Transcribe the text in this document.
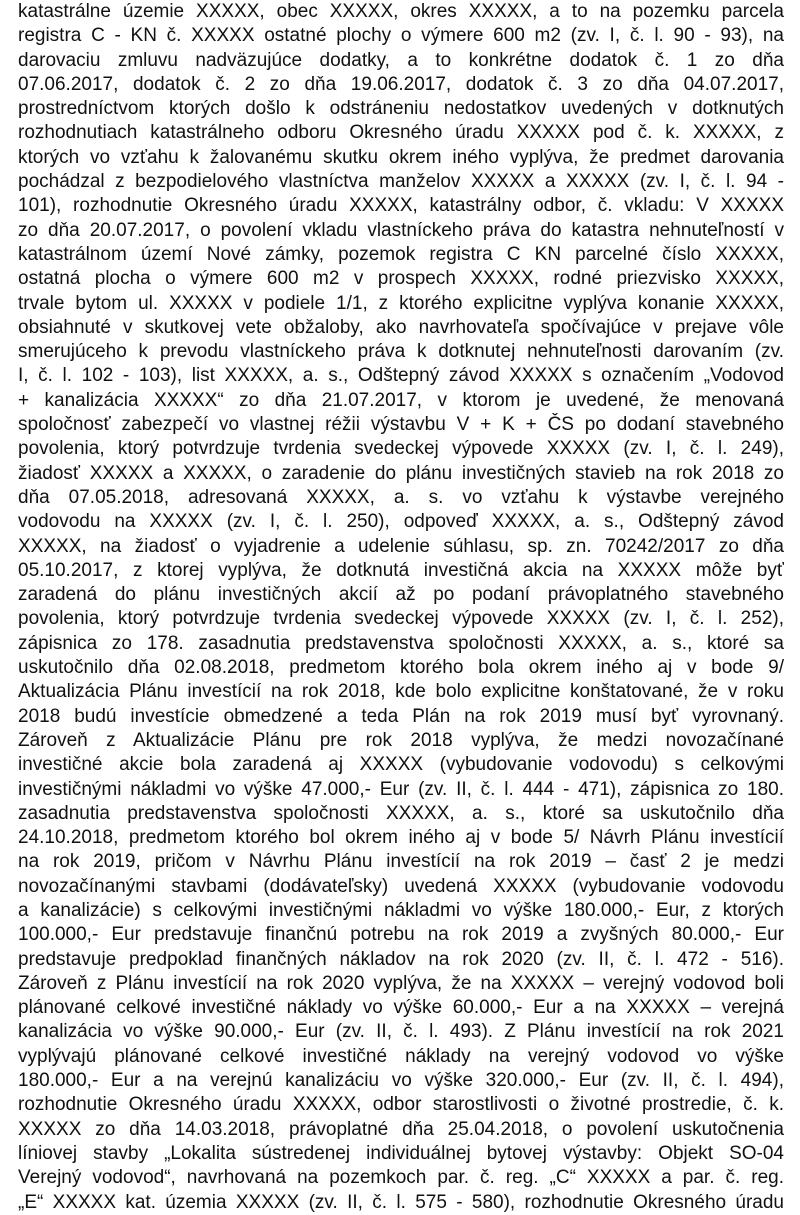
katastrálne územie XXXXX, obec XXXXX, okres XXXXX, a to na pozemku parcela
registra C - KN č. XXXXX ostatné plochy o výmere 600 m2 (zv. I, č. l. 90 - 93), na
darovaciu zmluvu nadväzujúce dodatky, a to konkrétne dodatok č. 1 zo dňa
07.06.2017, dodatok č. 2 zo dňa 19.06.2017, dodatok č. 3 zo dňa 04.07.2017,
prostredníctvom ktorých došlo k odstráneniu nedostatkov uvedených v dotknutých
rozhodnutiach katastrálneho odboru Okresného úradu XXXXX pod č. k. XXXXX, z
ktorých vo vzťahu k žalovanému skutku okrem iného vyplýva, že predmet darovania
pochádzal z bezpodielového vlastníctva manželov XXXXX a XXXXX (zv. I, č. l. 94 -
101), rozhodnutie Okresného úradu XXXXX, katastrálny odbor, č. vkladu: V XXXXX
zo dňa 20.07.2017, o povolení vkladu vlastníckeho práva do katastra nehnuteľností v
katastrálnom území Nové zámky, pozemok registra C KN parcelné číslo XXXXX,
ostatná plocha o výmere 600 m2 v prospech XXXXX, rodné priezvisko XXXXX,
trvale bytom ul. XXXXX v podiele 1/1, z ktorého explicitne vyplýva konanie XXXXX,
obsiahnuté v skutkovej vete obžaloby, ako navrhovateľa spočívajúce v prejave vôle
smerujúceho k prevodu vlastníckeho práva k dotknutej nehnuteľnosti darovaním (zv.
I, č. l. 102 - 103), list XXXXX, a. s., Odštepný závod XXXXX s označením „Vodovod
+ kanalizácia XXXXX“ zo dňa 21.07.2017, v ktorom je uvedené, že menovaná
spoločnosť zabezpečí vo vlastnej réžii výstavbu V + K + ČS po dodaní stavebného
povolenia, ktorý potvrdzuje tvrdenia svedeckej výpovede XXXXX (zv. I, č. l. 249),
žiadosť XXXXX a XXXXX, o zaradenie do plánu investičných stavieb na rok 2018 zo
dňa 07.05.2018, adresovaná XXXXX, a. s. vo vzťahu k výstavbe verejného
vodovodu na XXXXX (zv. I, č. l. 250), odpoveď XXXXX, a. s., Odštepný závod
XXXXX, na žiadosť o vyjadrenie a udelenie súhlasu, sp. zn. 70242/2017 zo dňa
05.10.2017, z ktorej vyplýva, že dotknutá investičná akcia na XXXXX môže byť
zaradená do plánu investičných akcií až po podaní právoplatného stavebného
povolenia, ktorý potvrdzuje tvrdenia svedeckej výpovede XXXXX (zv. I, č. l. 252),
zápisnica zo 178. zasadnutia predstavenstva spoločnosti XXXXX, a. s., ktoré sa
uskutočnilo dňa 02.08.2018, predmetom ktorého bola okrem iného aj v bode 9/
Aktualizácia Plánu investícií na rok 2018, kde bolo explicitne konštatované, že v roku
2018 budú investície obmedzené a teda Plán na rok 2019 musí byť vyrovnaný.
Zároveň z Aktualizácie Plánu pre rok 2018 vyplýva, že medzi novozačínané
investičné akcie bola zaradená aj XXXXX (vybudovanie vodovodu) s celkovými
investičnými nákladmi vo výške 47.000,- Eur (zv. II, č. l. 444 - 471), zápisnica zo 180.
zasadnutia predstavenstva spoločnosti XXXXX, a. s., ktoré sa uskutočnilo dňa
24.10.2018, predmetom ktorého bol okrem iného aj v bode 5/ Návrh Plánu investícií
na rok 2019, pričom v Návrhu Plánu investícií na rok 2019 – časť 2 je medzi
novozačínanými stavbami (dodávateľsky) uvedená XXXXX (vybudovanie vodovodu
a kanalizácie) s celkovými investičnými nákladmi vo výške 180.000,- Eur, z ktorých
100.000,- Eur predstavuje finančnú potrebu na rok 2019 a zvyšných 80.000,- Eur
predstavuje predpoklad finančných nákladov na rok 2020 (zv. II, č. l. 472 - 516).
Zároveň z Plánu investícií na rok 2020 vyplýva, že na XXXXX – verejný vodovod boli
plánované celkové investičné náklady vo výške 60.000,- Eur a na XXXXX – verejná
kanalizácia vo výške 90.000,- Eur (zv. II, č. l. 493). Z Plánu investícií na rok 2021
vyplývajú plánované celkové investičné náklady na verejný vodovod vo výške
180.000,- Eur a na verejnú kanalizáciu vo výške 320.000,- Eur (zv. II, č. l. 494),
rozhodnutie Okresného úradu XXXXX, odbor starostlivosti o životné prostredie, č. k.
XXXXX zo dňa 14.03.2018, právoplatné dňa 25.04.2018, o povolení uskutočnenia
líniovej stavby „Lokalita sústredenej individuálnej bytovej výstavby: Objekt SO-04
Verejný vodovod“, navrhovaná na pozemkoch par. č. reg. „C“ XXXXX a par. č. reg.
„E“ XXXXX kat. územia XXXXX (zv. II, č. l. 575 - 580), rozhodnutie Okresného úradu
